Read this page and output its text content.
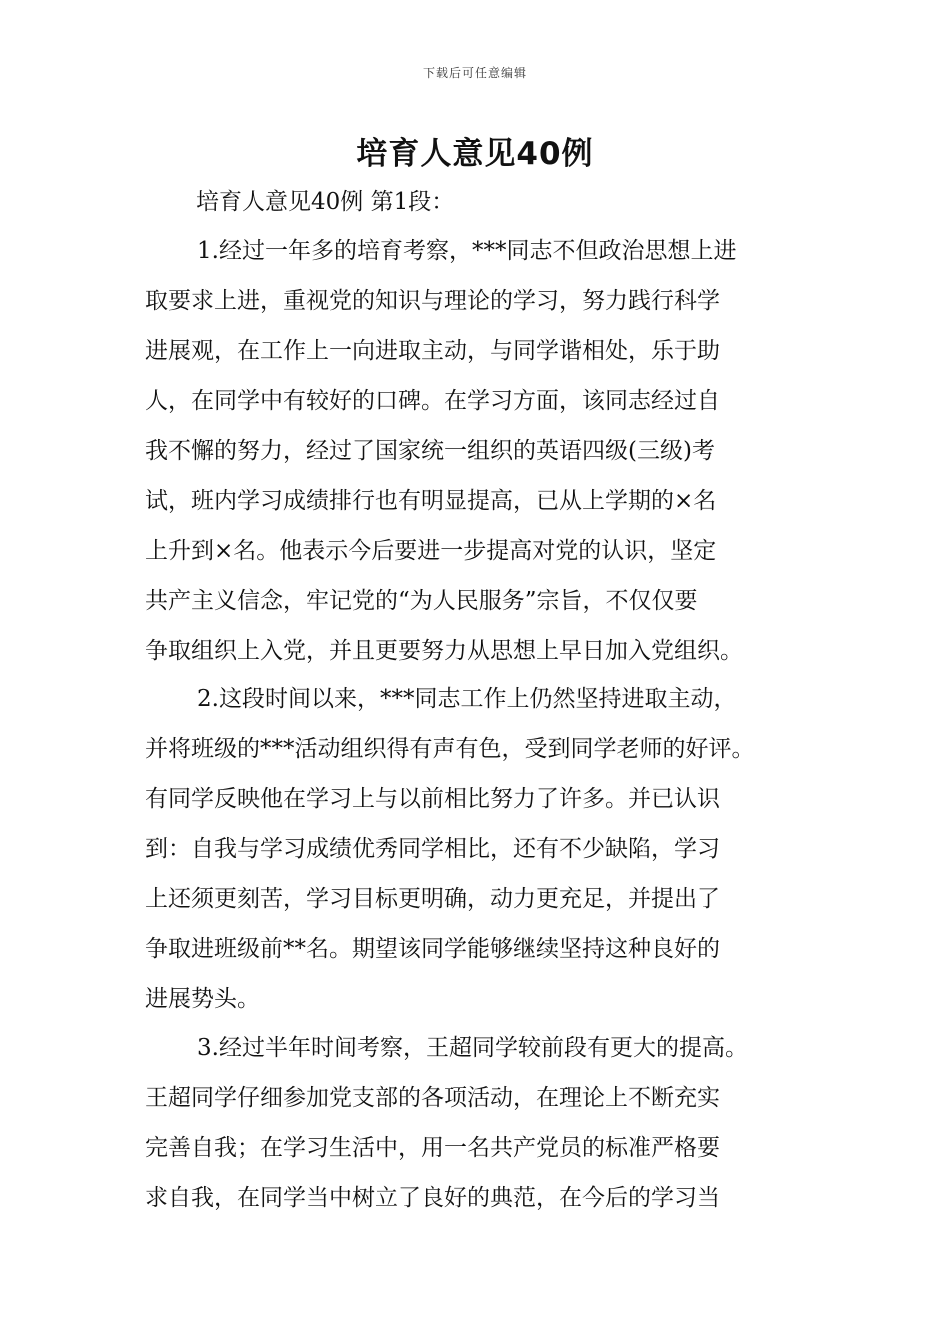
下载后可任意编辑
培育人意见40例
培育人意见40例 第1段：
1.经过一年多的培育考察，***同志不但政治思想上进
取要求上进，重视党的知识与理论的学习，努力践行科学
进展观，在工作上一向进取主动，与同学谐相处，乐于助
人，在同学中有较好的口碑。在学习方面，该同志经过自
我不懈的努力，经过了国家统一组织的英语四级(三级)考
试，班内学习成绩排行也有明显提高，已从上学期的×名
上升到×名。他表示今后要进一步提高对党的认识，坚定
共产主义信念，牢记党的“为人民服务”宗旨，不仅仅要
争取组织上入党，并且更要努力从思想上早日加入党组织。
2.这段时间以来，***同志工作上仍然坚持进取主动，
并将班级的***活动组织得有声有色，受到同学老师的好评。
有同学反映他在学习上与以前相比努力了许多。并已认识
到：自我与学习成绩优秀同学相比，还有不少缺陷，学习
上还须更刻苦，学习目标更明确，动力更充足，并提出了
争取进班级前**名。期望该同学能够继续坚持这种良好的
进展势头。
3.经过半年时间考察，王超同学较前段有更大的提高。
王超同学仔细参加党支部的各项活动，在理论上不断充实
完善自我；在学习生活中，用一名共产党员的标准严格要
求自我，在同学当中树立了良好的典范，在今后的学习当
